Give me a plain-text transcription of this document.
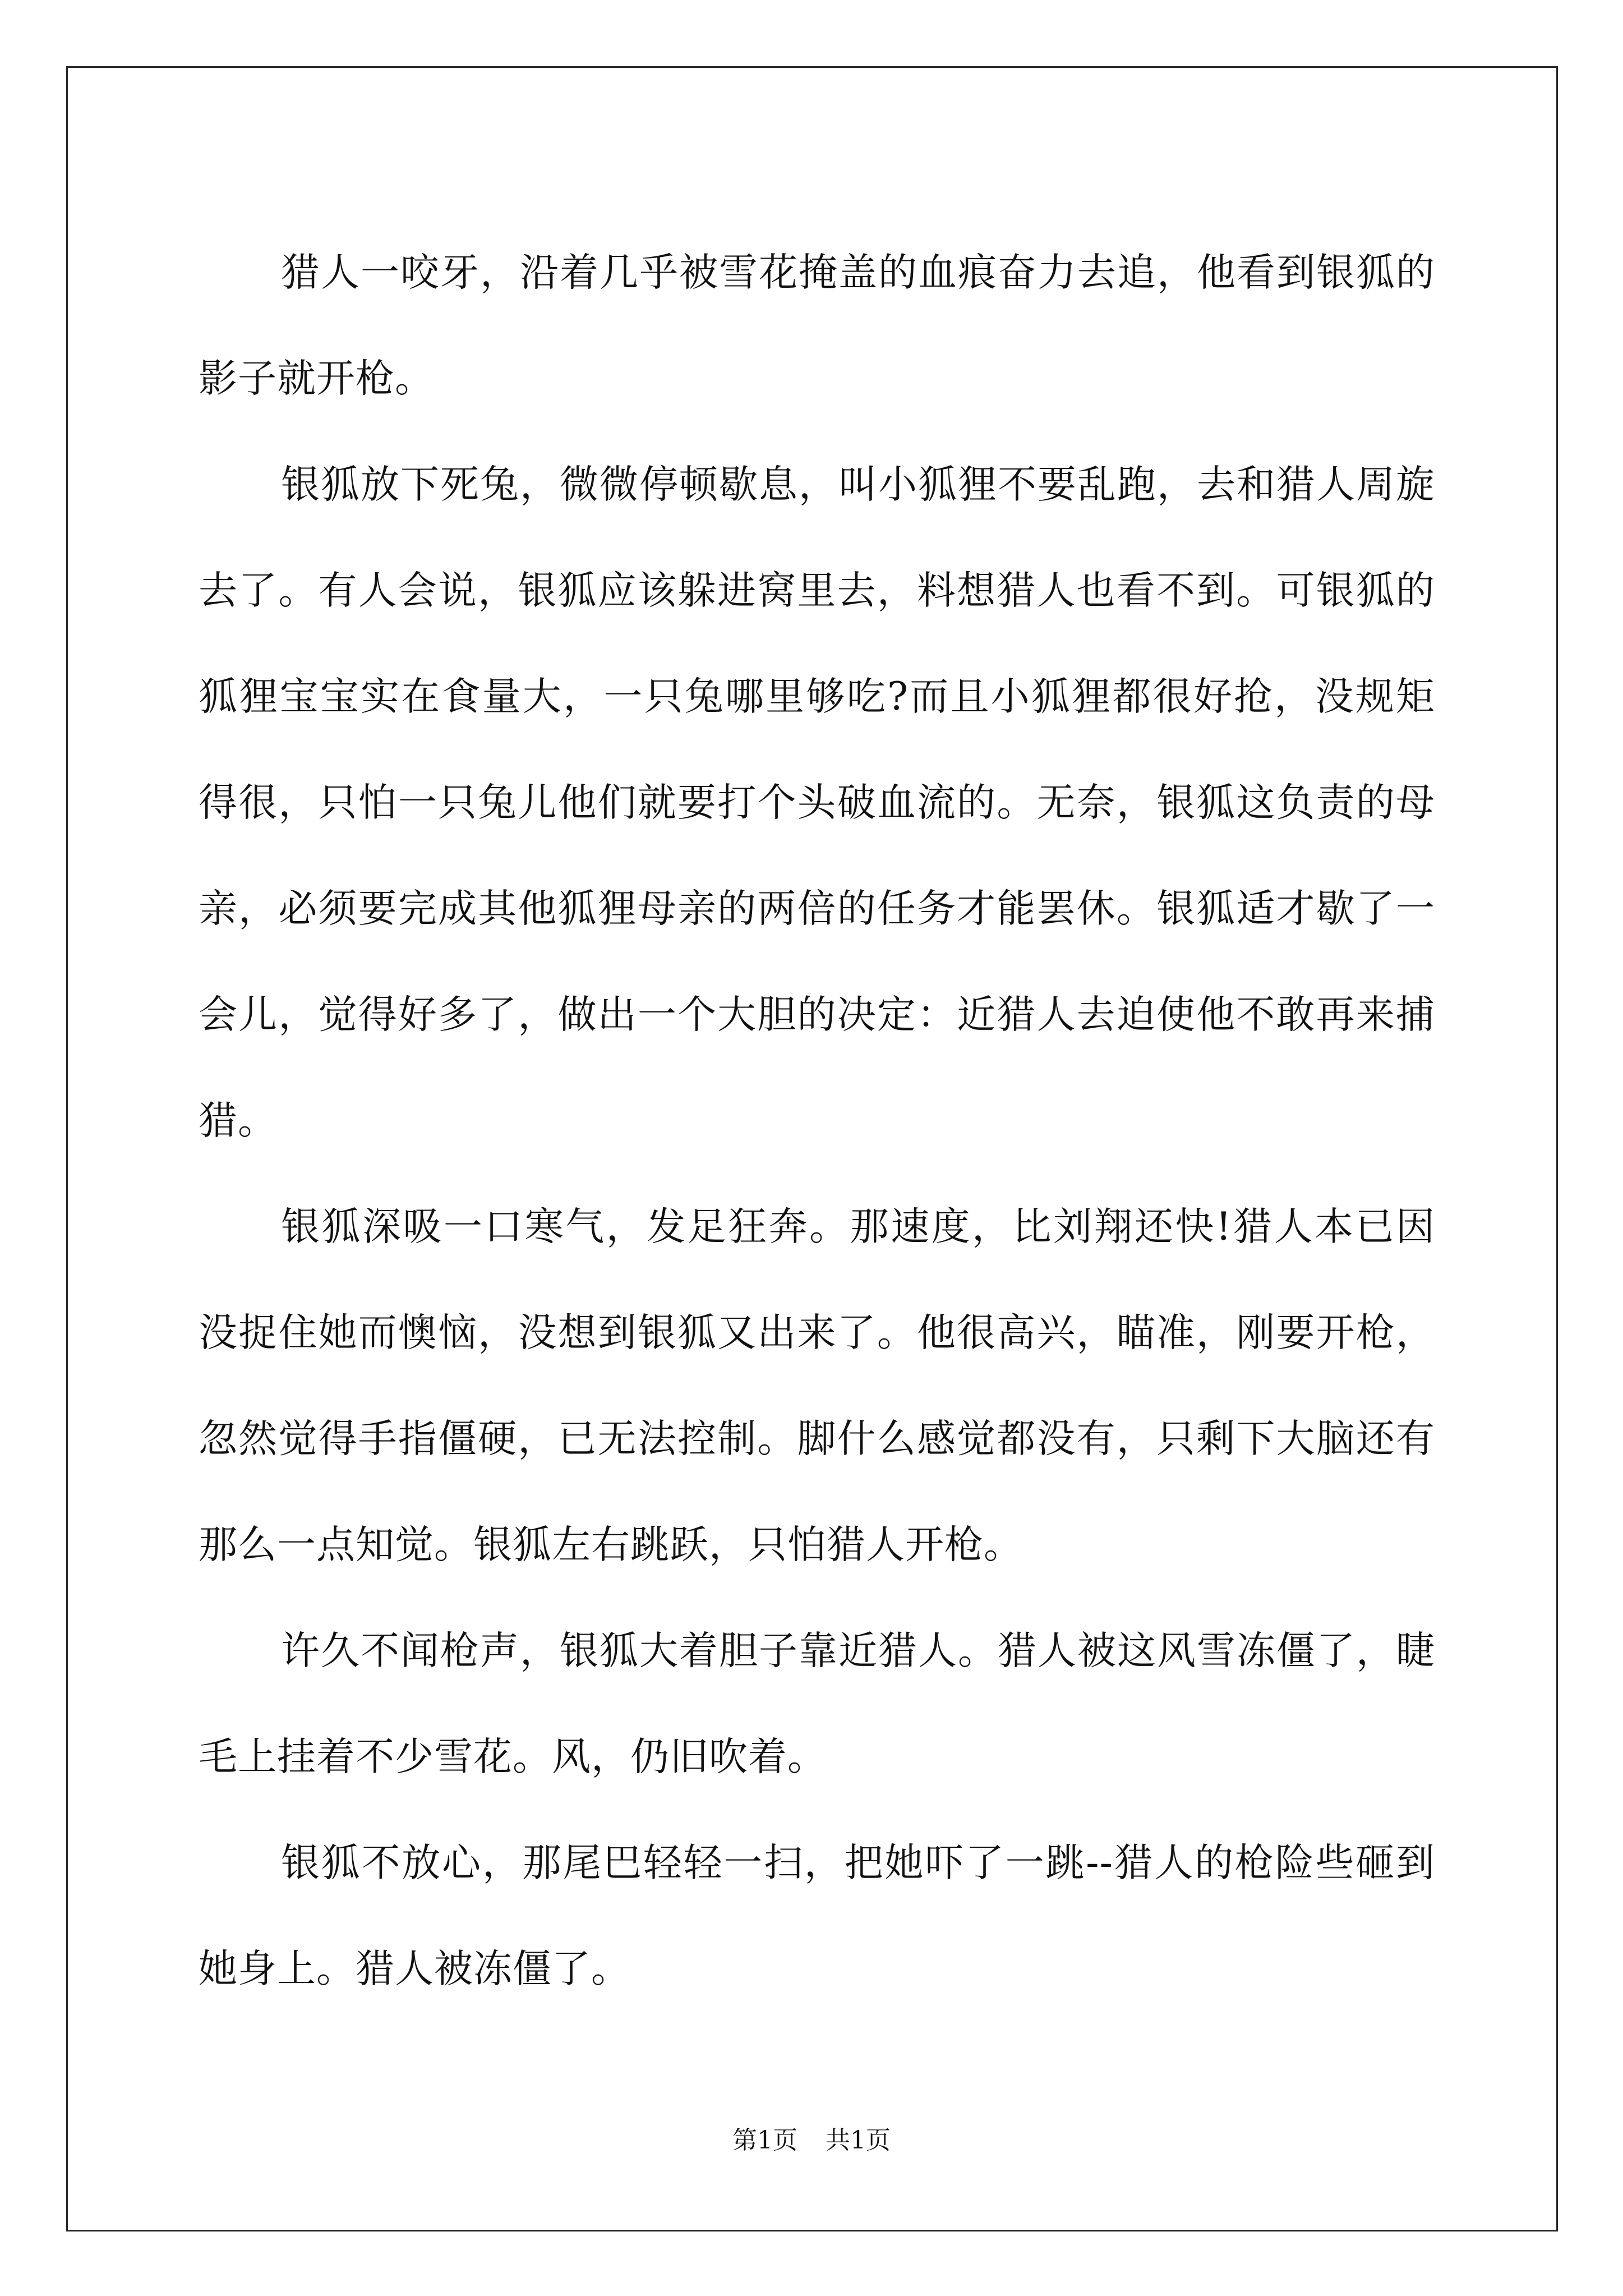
猎人一咬牙，沿着几乎被雪花掩盖的血痕奋力去追，他看到银狐的影子就开枪。

银狐放下死兔，微微停顿歇息，叫小狐狸不要乱跑，去和猎人周旋去了。有人会说，银狐应该躲进窝里去，料想猎人也看不到。可银狐的狐狸宝宝实在食量大，一只兔哪里够吃?而且小狐狸都很好抢，没规矩得很，只怕一只兔儿他们就要打个头破血流的。无奈，银狐这负责的母亲，必须要完成其他狐狸母亲的两倍的任务才能罢休。银狐适才歇了一会儿，觉得好多了，做出一个大胆的决定：近猎人去迫使他不敢再来捕猎。

银狐深吸一口寒气，发足狂奔。那速度，比刘翔还快!猎人本已因没捉住她而懊恼，没想到银狐又出来了。他很高兴，瞄准，刚要开枪，忽然觉得手指僵硬，已无法控制。脚什么感觉都没有，只剩下大脑还有那么一点知觉。银狐左右跳跃，只怕猎人开枪。

许久不闻枪声，银狐大着胆子靠近猎人。猎人被这风雪冻僵了，睫毛上挂着不少雪花。风，仍旧吹着。

银狐不放心，那尾巴轻轻一扫，把她吓了一跳--猎人的枪险些砸到她身上。猎人被冻僵了。

第1页 共1页
